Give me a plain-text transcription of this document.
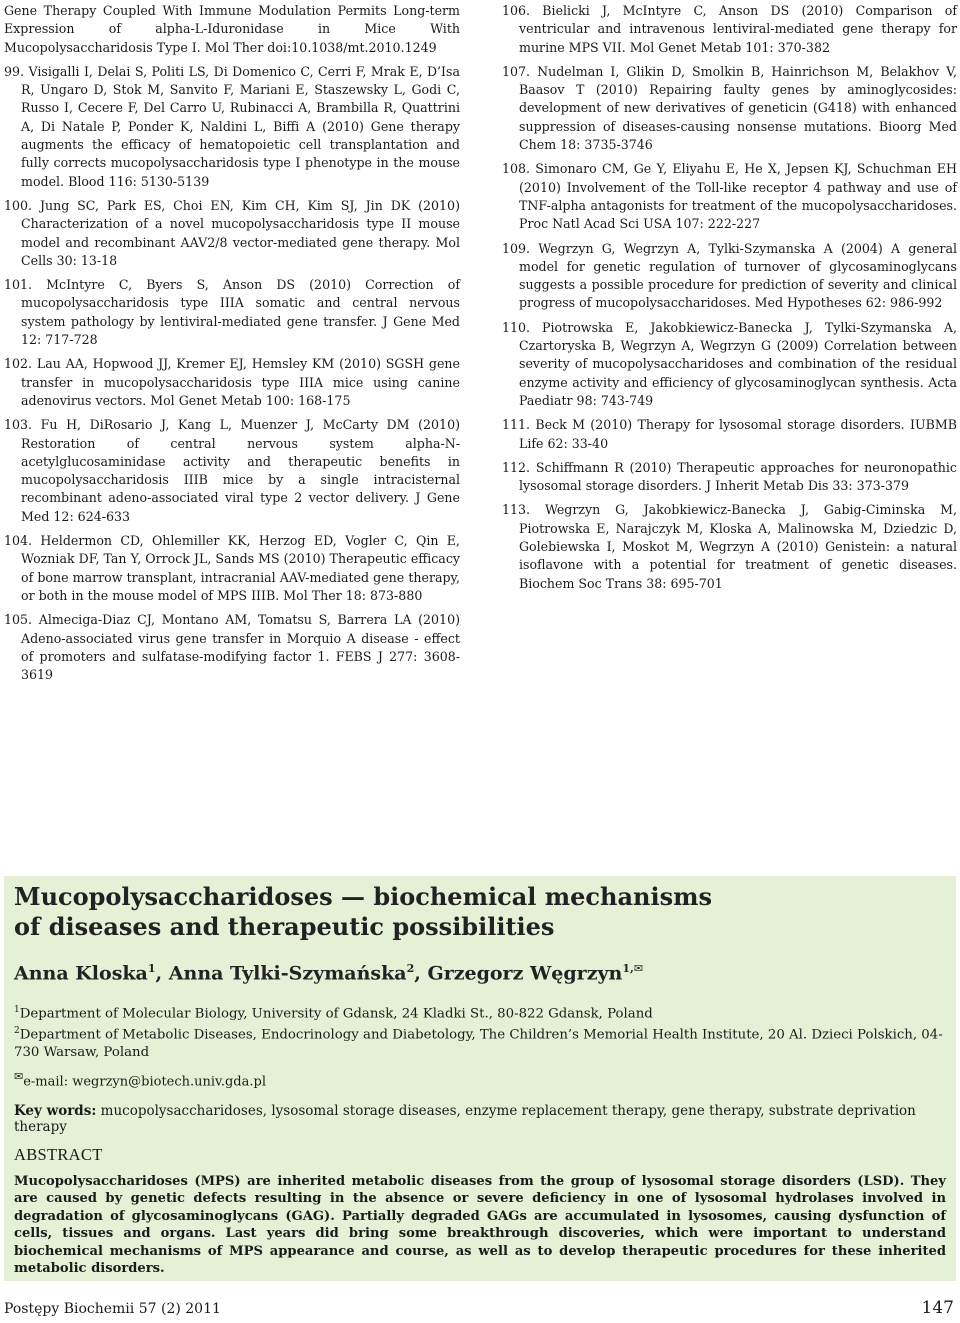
Gene Therapy Coupled With Immune Modulation Permits Long-term Expression of alpha-L-Iduronidase in Mice With Mucopolysaccharidosis Type I. Mol Ther doi:10.1038/mt.2010.1249

99. Visigalli I, Delai S, Politi LS, Di Domenico C, Cerri F, Mrak E, D’Isa R, Ungaro D, Stok M, Sanvito F, Mariani E, Staszewsky L, Godi C, Russo I, Cecere F, Del Carro U, Rubinacci A, Brambilla R, Quattrini A, Di Natale P, Ponder K, Naldini L, Biffi A (2010) Gene therapy augments the efficacy of hematopoietic cell transplantation and fully corrects mucopolysaccharidosis type I phenotype in the mouse model. Blood 116: 5130-5139

100. Jung SC, Park ES, Choi EN, Kim CH, Kim SJ, Jin DK (2010) Characterization of a novel mucopolysaccharidosis type II mouse model and recombinant AAV2/8 vector-mediated gene therapy. Mol Cells 30: 13-18

101. McIntyre C, Byers S, Anson DS (2010) Correction of mucopolysaccharidosis type IIIA somatic and central nervous system pathology by lentiviral-mediated gene transfer. J Gene Med 12: 717-728

102. Lau AA, Hopwood JJ, Kremer EJ, Hemsley KM (2010) SGSH gene transfer in mucopolysaccharidosis type IIIA mice using canine adenovirus vectors. Mol Genet Metab 100: 168-175

103. Fu H, DiRosario J, Kang L, Muenzer J, McCarty DM (2010) Restoration of central nervous system alpha-N-acetylglucosaminidase activity and therapeutic benefits in mucopolysaccharidosis IIIB mice by a single intracisternal recombinant adeno-associated viral type 2 vector delivery. J Gene Med 12: 624-633

104. Heldermon CD, Ohlemiller KK, Herzog ED, Vogler C, Qin E, Wozniak DF, Tan Y, Orrock JL, Sands MS (2010) Therapeutic efficacy of bone marrow transplant, intracranial AAV-mediated gene therapy, or both in the mouse model of MPS IIIB. Mol Ther 18: 873-880

105. Almeciga-Diaz CJ, Montano AM, Tomatsu S, Barrera LA (2010) Adeno-associated virus gene transfer in Morquio A disease - effect of promoters and sulfatase-modifying factor 1. FEBS J 277: 3608-3619

106. Bielicki J, McIntyre C, Anson DS (2010) Comparison of ventricular and intravenous lentiviral-mediated gene therapy for murine MPS VII. Mol Genet Metab 101: 370-382

107. Nudelman I, Glikin D, Smolkin B, Hainrichson M, Belakhov V, Baasov T (2010) Repairing faulty genes by aminoglycosides: development of new derivatives of geneticin (G418) with enhanced suppression of diseases-causing nonsense mutations. Bioorg Med Chem 18: 3735-3746

108. Simonaro CM, Ge Y, Eliyahu E, He X, Jepsen KJ, Schuchman EH (2010) Involvement of the Toll-like receptor 4 pathway and use of TNF-alpha antagonists for treatment of the mucopolysaccharidoses. Proc Natl Acad Sci USA 107: 222-227

109. Wegrzyn G, Wegrzyn A, Tylki-Szymanska A (2004) A general model for genetic regulation of turnover of glycosaminoglycans suggests a possible procedure for prediction of severity and clinical progress of mucopolysaccharidoses. Med Hypotheses 62: 986-992

110. Piotrowska E, Jakobkiewicz-Banecka J, Tylki-Szymanska A, Czartoryska B, Wegrzyn A, Wegrzyn G (2009) Correlation between severity of mucopolysaccharidoses and combination of the residual enzyme activity and efficiency of glycosaminoglycan synthesis. Acta Paediatr 98: 743-749

111. Beck M (2010) Therapy for lysosomal storage disorders. IUBMB Life 62: 33-40

112. Schiffmann R (2010) Therapeutic approaches for neuronopathic lysosomal storage disorders. J Inherit Metab Dis 33: 373-379

113. Wegrzyn G, Jakobkiewicz-Banecka J, Gabig-Ciminska M, Piotrowska E, Narajczyk M, Kloska A, Malinowska M, Dziedzic D, Golebiewska I, Moskot M, Wegrzyn A (2010) Genistein: a natural isoflavone with a potential for treatment of genetic diseases. Biochem Soc Trans 38: 695-701

Mucopolysaccharidoses — biochemical mechanisms
of diseases and therapeutic possibilities
Anna Kloska$^1$, Anna Tylki-Szymańska$^2$, Grzegorz Węgrzyn$^{1,✉}$

$^1$Department of Molecular Biology, University of Gdansk, 24 Kladki St., 80-822 Gdansk, Poland

$^2$Department of Metabolic Diseases, Endocrinology and Diabetology, The Children’s Memorial Health Institute, 20 Al. Dzieci Polskich, 04-730 Warsaw, Poland

✉e-mail: wegrzyn@biotech.univ.gda.pl

Key words: mucopolysaccharidoses, lysosomal storage diseases, enzyme replacement therapy, gene therapy, substrate deprivation therapy

ABSTRACT

Mucopolysaccharidoses (MPS) are inherited metabolic diseases from the group of lysosomal storage disorders (LSD). They are caused by genetic defects resulting in the absence or severe deficiency in one of lysosomal hydrolases involved in degradation of glycosaminoglycans (GAG). Partially degraded GAGs are accumulated in lysosomes, causing dysfunction of cells, tissues and organs. Last years did bring some breakthrough discoveries, which were important to understand biochemical mechanisms of MPS appearance and course, as well as to develop therapeutic procedures for these inherited metabolic disorders.

Postępy Biochemii 57 (2) 2011	147
